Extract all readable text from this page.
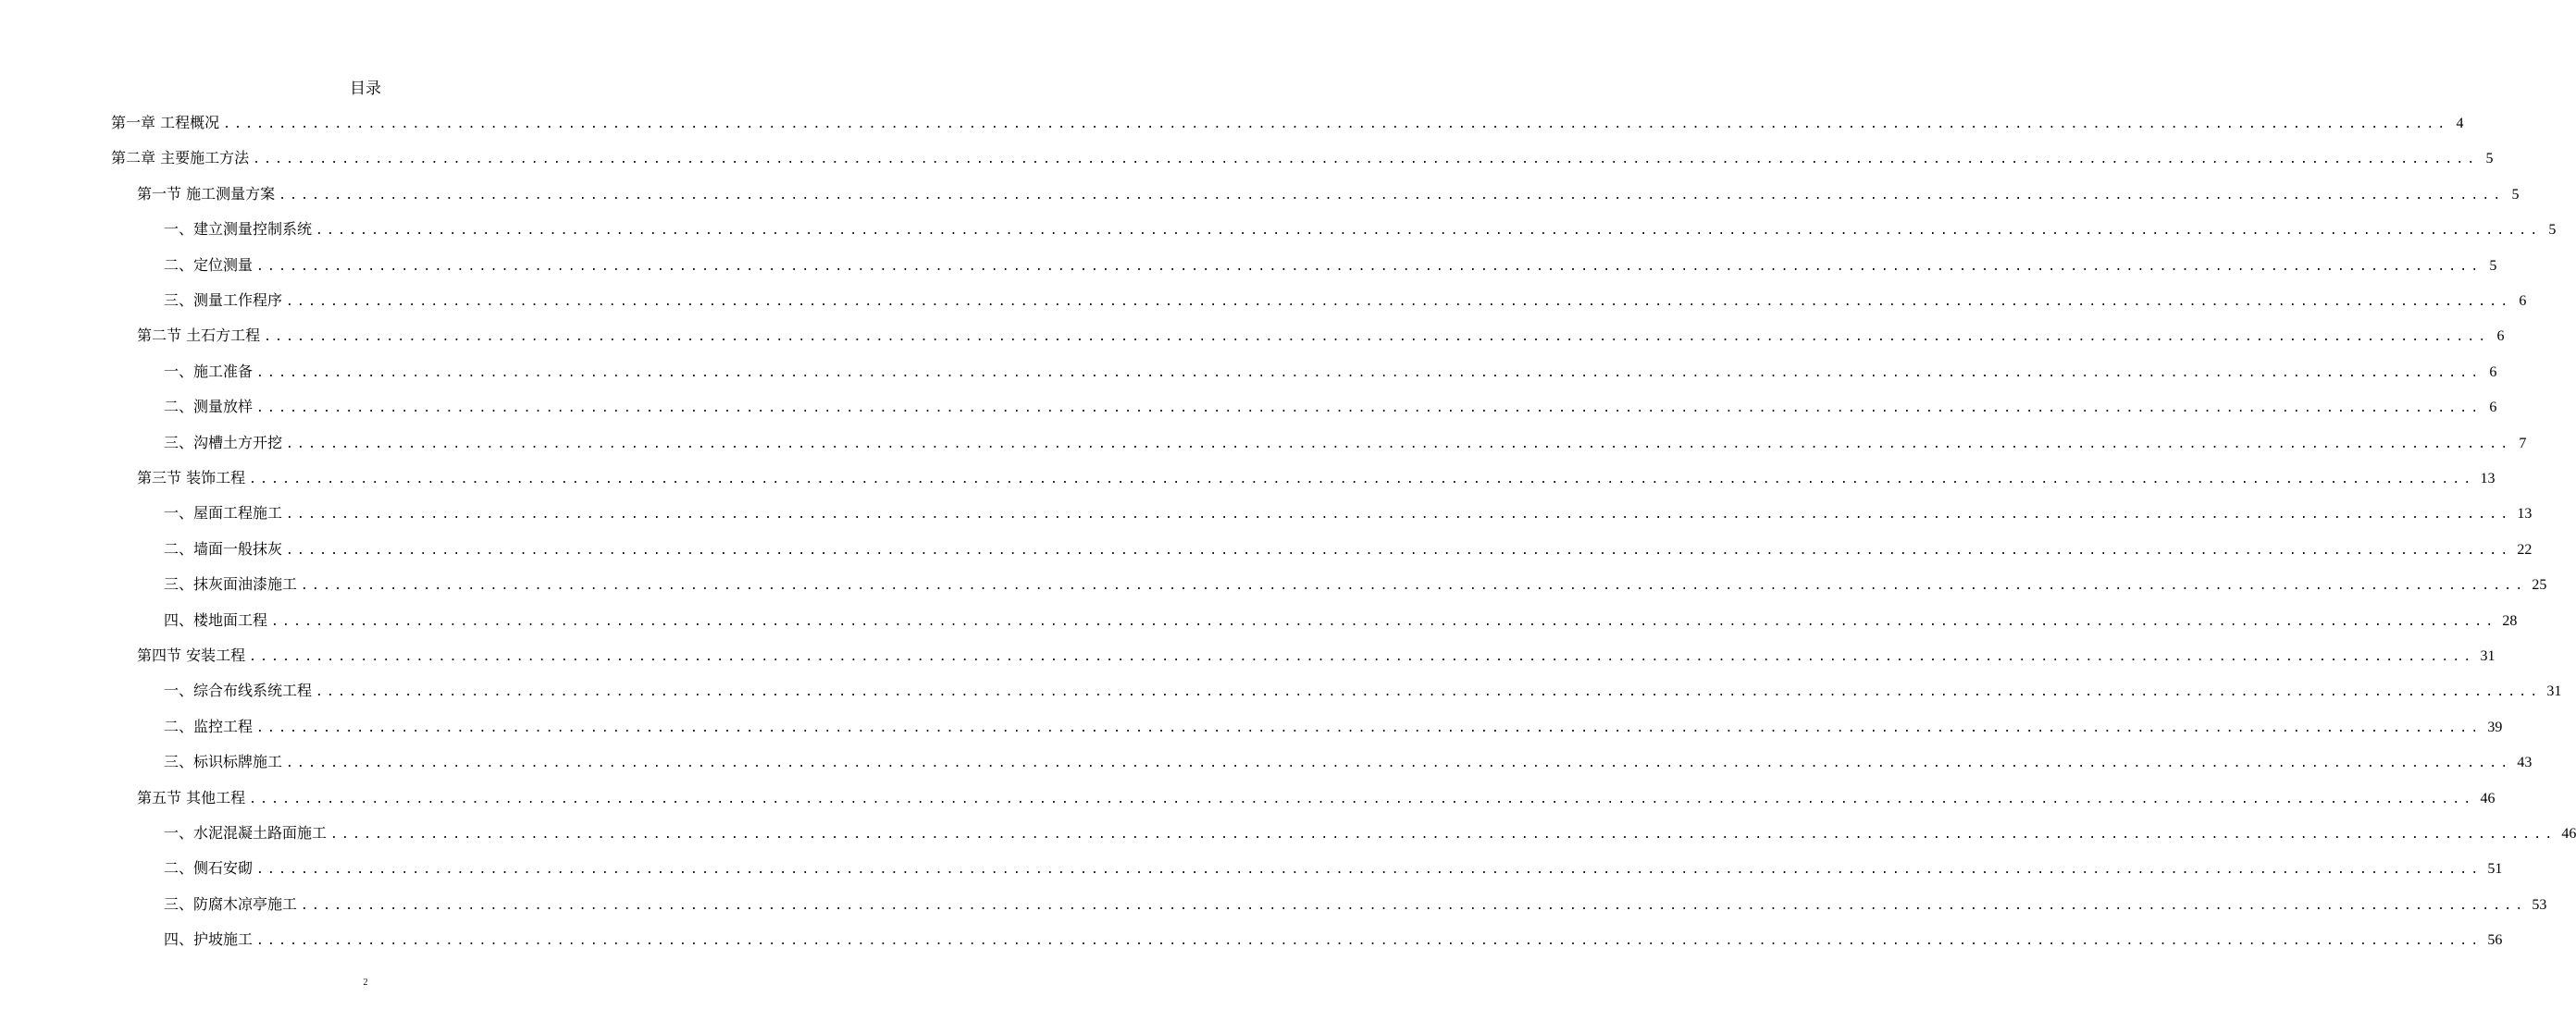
目录
第一章 工程概况 ........................................................................................................................................................................................................ 4
第二章 主要施工方法 ........................................................................................................................................................................................................ 5
第一节 施工测量方案 ........................................................................................................................................................................................................ 5
一、建立测量控制系统 ........................................................................................................................................................................................................ 5
二、定位测量 ........................................................................................................................................................................................................ 5
三、测量工作程序 ........................................................................................................................................................................................................ 6
第二节 土石方工程 ........................................................................................................................................................................................................ 6
一、施工准备 ........................................................................................................................................................................................................ 6
二、测量放样 ........................................................................................................................................................................................................ 6
三、沟槽土方开挖 ........................................................................................................................................................................................................ 7
第三节 装饰工程 ........................................................................................................................................................................................................ 13
一、屋面工程施工 ........................................................................................................................................................................................................ 13
二、墙面一般抹灰 ........................................................................................................................................................................................................ 22
三、抹灰面油漆施工 ........................................................................................................................................................................................................ 25
四、楼地面工程 ........................................................................................................................................................................................................ 28
第四节 安装工程 ........................................................................................................................................................................................................ 31
一、综合布线系统工程 ........................................................................................................................................................................................................ 31
二、监控工程 ........................................................................................................................................................................................................ 39
三、标识标牌施工 ........................................................................................................................................................................................................ 43
第五节 其他工程 ........................................................................................................................................................................................................ 46
一、水泥混凝土路面施工 ........................................................................................................................................................................................................ 46
二、侧石安砌 ........................................................................................................................................................................................................ 51
三、防腐木凉亭施工 ........................................................................................................................................................................................................ 53
四、护坡施工 ........................................................................................................................................................................................................ 56
2
